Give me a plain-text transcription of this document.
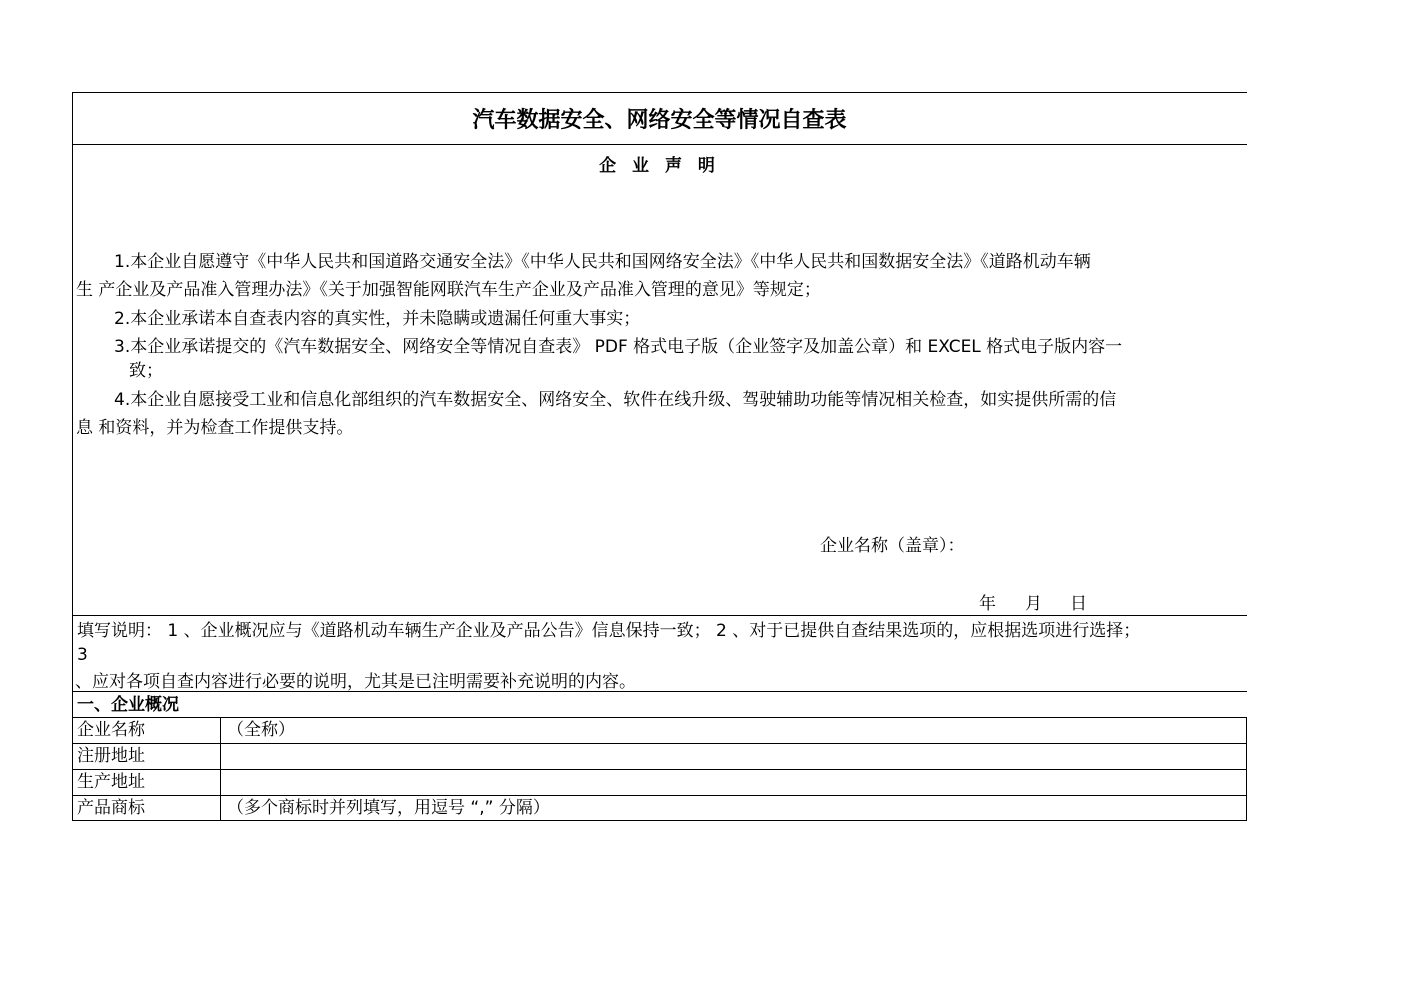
汽车数据安全、网络安全等情况自查表
企 业 声 明
1.本企业自愿遵守《中华人民共和国道路交通安全法》《中华人民共和国网络安全法》《中华人民共和国数据安全法》《道路机动车辆
生 产企业及产品准入管理办法》《关于加强智能网联汽车生产企业及产品准入管理的意见》等规定；
2.本企业承诺本自查表内容的真实性，并未隐瞒或遗漏任何重大事实；
3.本企业承诺提交的《汽车数据安全、网络安全等情况自查表》 PDF 格式电子版（企业签字及加盖公章）和 EXCEL 格式电子版内容一
致；
4.本企业自愿接受工业和信息化部组织的汽车数据安全、网络安全、软件在线升级、驾驶辅助功能等情况相关检查，如实提供所需的信
息 和资料，并为检查工作提供支持。
企业名称（盖章）：
年 月 日
填写说明： 1 、企业概况应与《道路机动车辆生产企业及产品公告》信息保持一致； 2 、对于已提供自查结果选项的，应根据选项进行选择；
3
、应对各项自查内容进行必要的说明，尤其是已注明需要补充说明的内容。
一、企业概况
企业名称	（全称）
注册地址
生产地址
产品商标	（多个商标时并列填写，用逗号 “,” 分隔）
